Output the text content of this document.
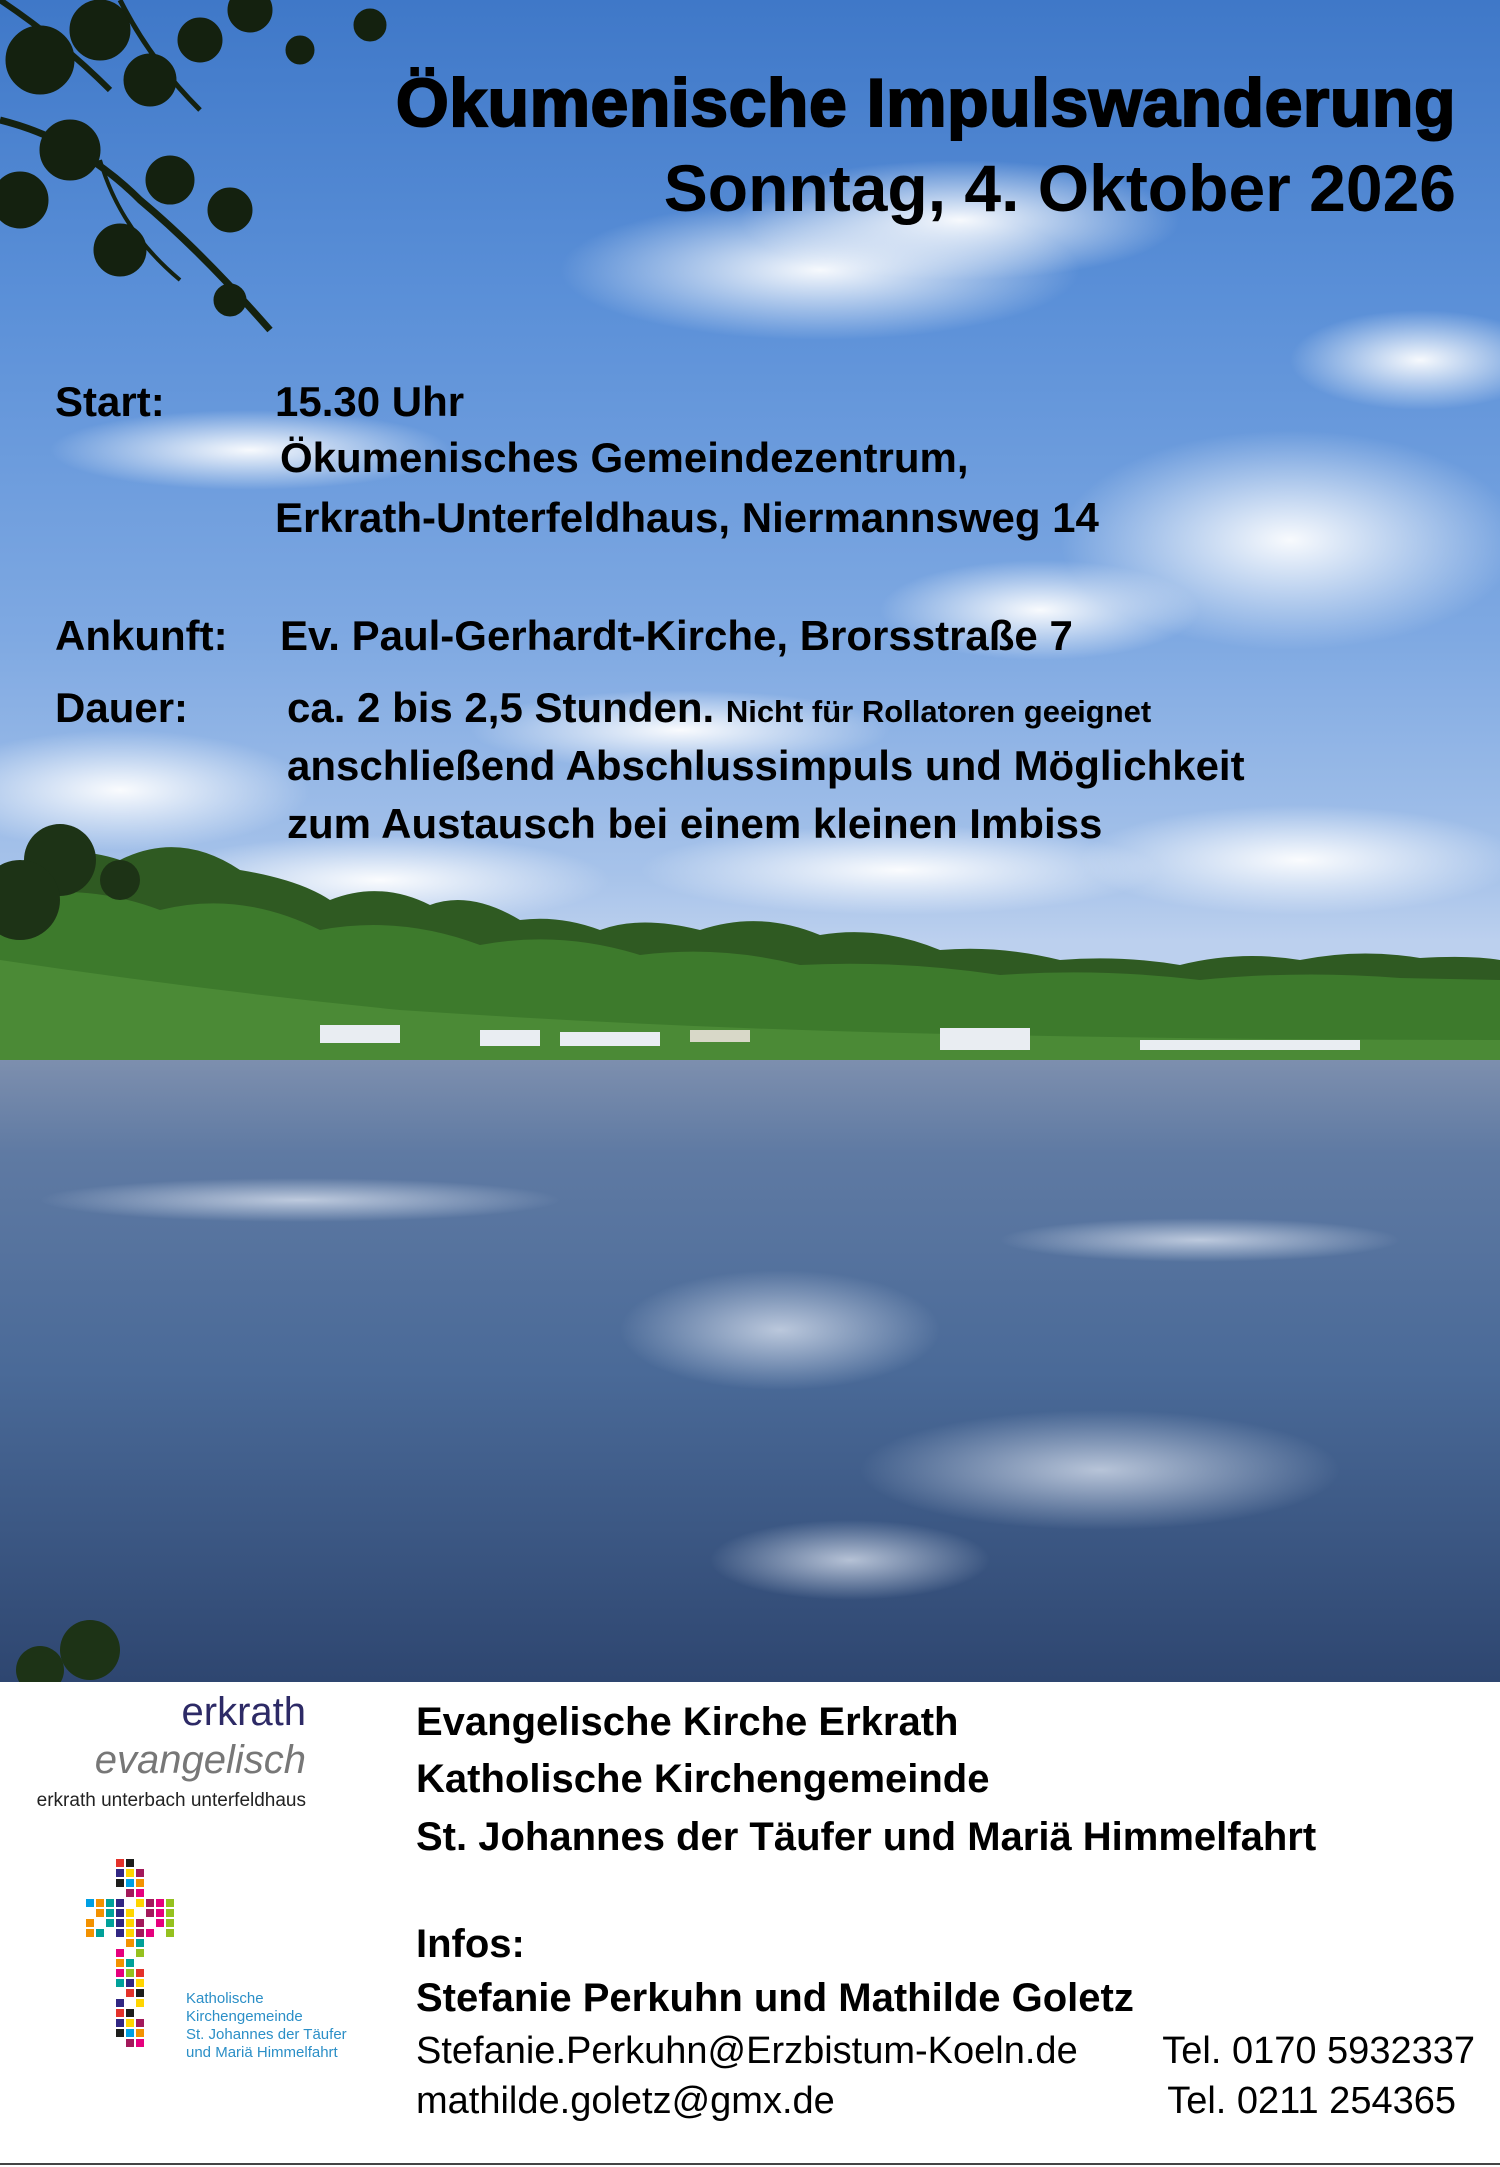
Ökumenische Impulswanderung
Sonntag, 4. Oktober 2026
Start:	15.30 Uhr
Ökumenisches Gemeindezentrum,
Erkrath-Unterfeldhaus, Niermannsweg 14
Ankunft: Ev. Paul-Gerhardt-Kirche, Brorsstraße 7
Dauer: ca. 2 bis 2,5 Stunden. Nicht für Rollatoren geeignet
anschließend Abschlussimpuls und Möglichkeit
zum Austausch bei einem kleinen Imbiss
erkrath
evangelisch
erkrath unterbach unterfeldhaus
Katholische
Kirchengemeinde
St. Johannes der Täufer
und Mariä Himmelfahrt
Evangelische Kirche Erkrath
Katholische Kirchengemeinde
St. Johannes der Täufer und Mariä Himmelfahrt
Infos:
Stefanie Perkuhn und Mathilde Goletz
Stefanie.Perkuhn@Erzbistum-Koeln.de Tel. 0170 5932337
mathilde.goletz@gmx.de	Tel. 0211 254365
